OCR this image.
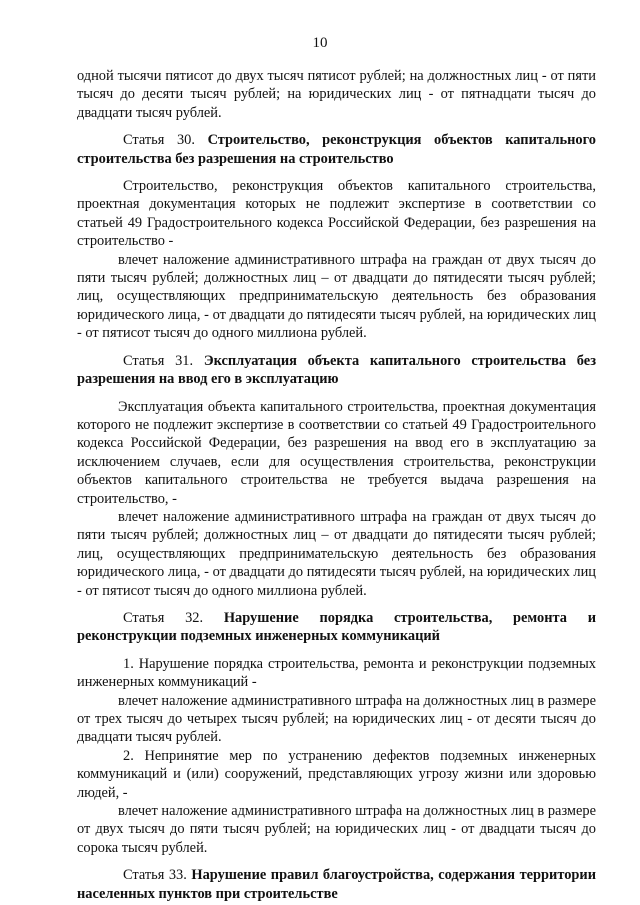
10

одной тысячи пятисот до двух тысяч пятисот рублей; на должностных лиц - от пяти тысяч до десяти тысяч рублей; на юридических лиц - от пятнадцати тысяч до двадцати тысяч рублей.

Статья 30. Строительство, реконструкция объектов капитального строительства без разрешения на строительство

Строительство, реконструкция объектов капитального строительства, проектная документация которых не подлежит экспертизе в соответствии со статьей 49 Градостроительного кодекса Российской Федерации, без разрешения на строительство -

влечет наложение административного штрафа на граждан от двух тысяч до пяти тысяч рублей; должностных лиц – от двадцати до пятидесяти тысяч рублей; лиц, осуществляющих предпринимательскую деятельность без образования юридического лица, - от двадцати до пятидесяти тысяч рублей, на юридических лиц - от пятисот тысяч до одного миллиона рублей.

Статья 31. Эксплуатация объекта капитального строительства без разрешения на ввод его в эксплуатацию

Эксплуатация объекта капитального строительства, проектная документация которого не подлежит экспертизе в соответствии со статьей 49 Градостроительного кодекса Российской Федерации, без разрешения на ввод его в эксплуатацию за исключением случаев, если для осуществления строительства, реконструкции объектов капитального строительства не требуется выдача разрешения на строительство, -

влечет наложение административного штрафа на граждан от двух тысяч до пяти тысяч рублей; должностных лиц – от двадцати до пятидесяти тысяч рублей; лиц, осуществляющих предпринимательскую деятельность без образования юридического лица, - от двадцати до пятидесяти тысяч рублей, на юридических лиц - от пятисот тысяч до одного миллиона рублей.

Статья 32. Нарушение порядка строительства, ремонта и реконструкции подземных инженерных коммуникаций

1. Нарушение порядка строительства, ремонта и реконструкции подземных инженерных коммуникаций -

влечет наложение административного штрафа на должностных лиц в размере от трех тысяч до четырех тысяч рублей; на юридических лиц - от десяти тысяч до двадцати тысяч рублей.

2. Непринятие мер по устранению дефектов подземных инженерных коммуникаций и (или) сооружений, представляющих угрозу жизни или здоровью людей, -

влечет наложение административного штрафа на должностных лиц в размере от двух тысяч до пяти тысяч рублей; на юридических лиц - от двадцати тысяч до сорока тысяч рублей.

Статья 33. Нарушение правил благоустройства, содержания территории населенных пунктов при строительстве
